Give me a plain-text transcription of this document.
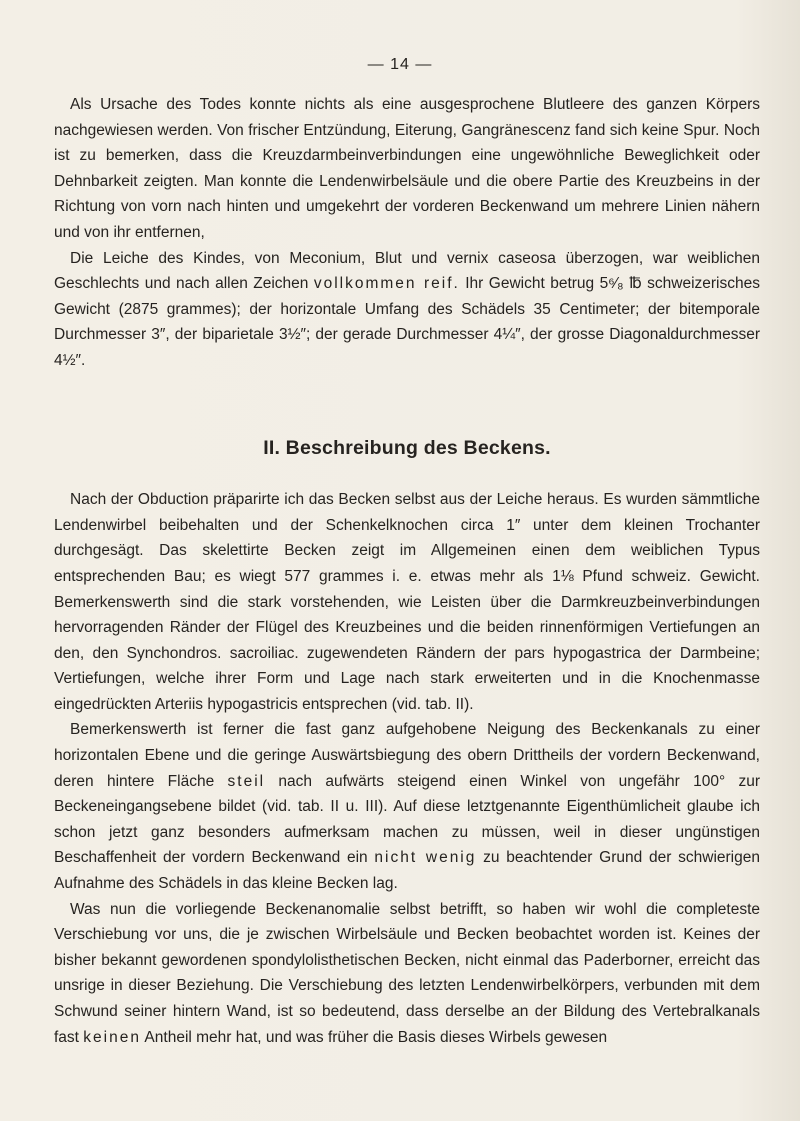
— 14 —

Als Ursache des Todes konnte nichts als eine ausgesprochene Blutleere des ganzen Körpers nachgewiesen werden. Von frischer Entzündung, Eiterung, Gangränescenz fand sich keine Spur. Noch ist zu bemerken, dass die Kreuzdarmbeinverbindungen eine ungewöhnliche Beweglichkeit oder Dehnbarkeit zeigten. Man konnte die Lendenwirbelsäule und die obere Partie des Kreuzbeins in der Richtung von vorn nach hinten und umgekehrt der vorderen Beckenwand um mehrere Linien nähern und von ihr entfernen,

Die Leiche des Kindes, von Meconium, Blut und vernix caseosa überzogen, war weiblichen Geschlechts und nach allen Zeichen vollkommen reif. Ihr Gewicht betrug 5⁶⁄₈ ℔ schweizerisches Gewicht (2875 grammes); der horizontale Umfang des Schädels 35 Centimeter; der bitemporale Durchmesser 3″, der biparietale 3½″; der gerade Durchmesser 4¼″, der grosse Diagonaldurchmesser 4½″.

II. Beschreibung des Beckens.

Nach der Obduction präparirte ich das Becken selbst aus der Leiche heraus. Es wurden sämmtliche Lendenwirbel beibehalten und der Schenkelknochen circa 1″ unter dem kleinen Trochanter durchgesägt. Das skelettirte Becken zeigt im Allgemeinen einen dem weiblichen Typus entsprechenden Bau; es wiegt 577 grammes i. e. etwas mehr als 1⅛ Pfund schweiz. Gewicht. Bemerkenswerth sind die stark vorstehenden, wie Leisten über die Darmkreuzbeinverbindungen hervorragenden Ränder der Flügel des Kreuzbeines und die beiden rinnenförmigen Vertiefungen an den, den Synchondros. sacroiliac. zugewendeten Rändern der pars hypogastrica der Darmbeine; Vertiefungen, welche ihrer Form und Lage nach stark erweiterten und in die Knochenmasse eingedrückten Arteriis hypogastricis entsprechen (vid. tab. II).

Bemerkenswerth ist ferner die fast ganz aufgehobene Neigung des Beckenkanals zu einer horizontalen Ebene und die geringe Auswärtsbiegung des obern Drittheils der vordern Beckenwand, deren hintere Fläche steil nach aufwärts steigend einen Winkel von ungefähr 100° zur Beckeneingangsebene bildet (vid. tab. II u. III). Auf diese letztgenannte Eigenthümlicheit glaube ich schon jetzt ganz besonders aufmerksam machen zu müssen, weil in dieser ungünstigen Beschaffenheit der vordern Beckenwand ein nicht wenig zu beachtender Grund der schwierigen Aufnahme des Schädels in das kleine Becken lag.

Was nun die vorliegende Beckenanomalie selbst betrifft, so haben wir wohl die completeste Verschiebung vor uns, die je zwischen Wirbelsäule und Becken beobachtet worden ist. Keines der bisher bekannt gewordenen spondylolisthetischen Becken, nicht einmal das Paderborner, erreicht das unsrige in dieser Beziehung. Die Verschiebung des letzten Lendenwirbelkörpers, verbunden mit dem Schwund seiner hintern Wand, ist so bedeutend, dass derselbe an der Bildung des Vertebralkanals fast keinen Antheil mehr hat, und was früher die Basis dieses Wirbels gewesen
